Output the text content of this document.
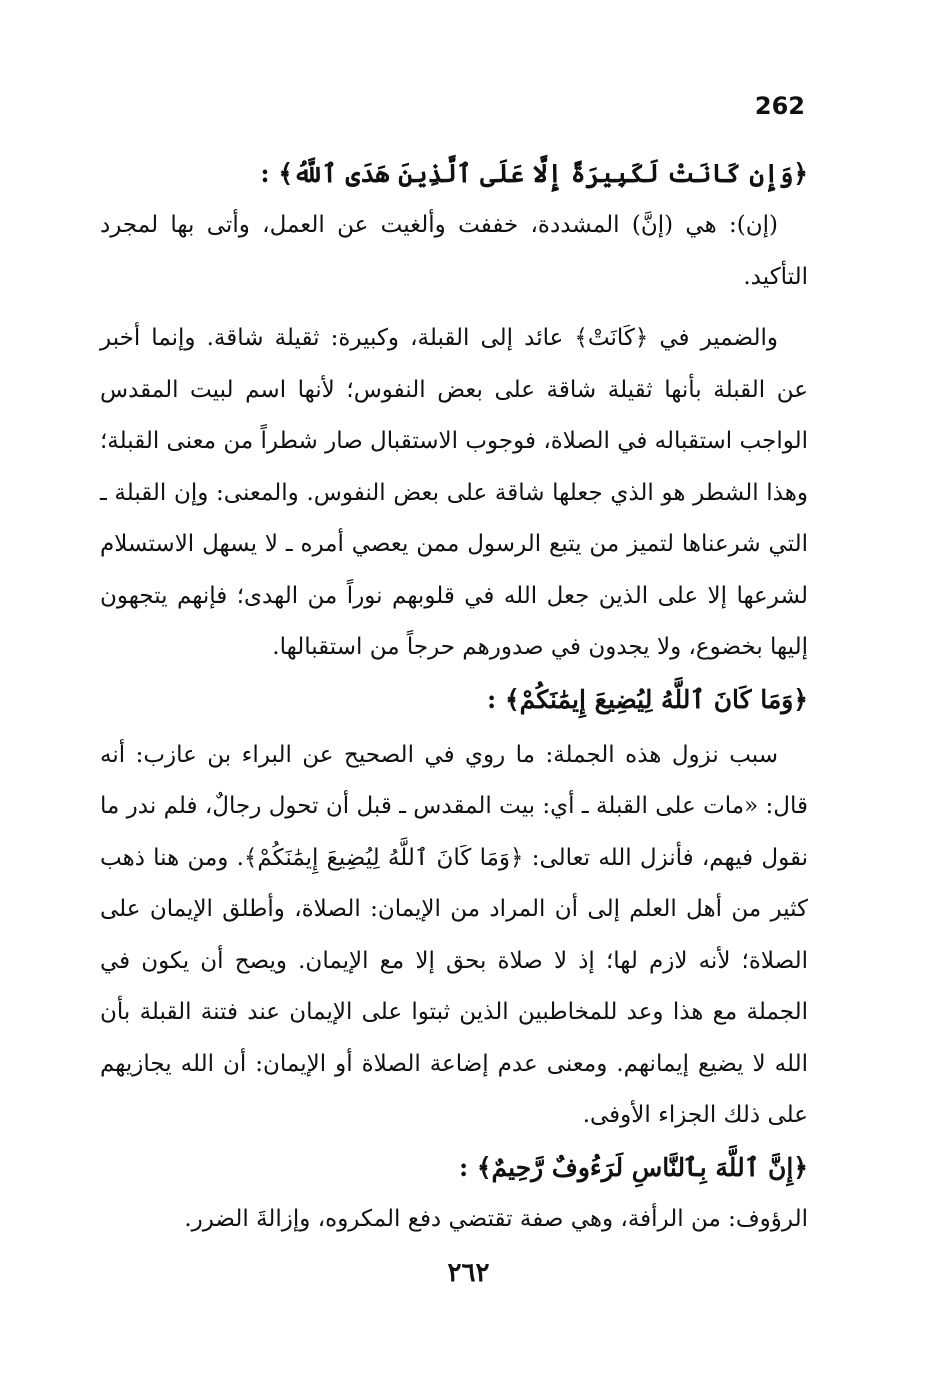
262
﴿وَإِن كَانَتْ لَكَبِيرَةً إِلَّا عَلَى ٱلَّذِينَ هَدَى ٱللَّهُ﴾ :

(إن): هي (إنَّ) المشددة، خففت وألغيت عن العمل، وأتى بها لمجرد التأكيد.

والضمير في ﴿كَانَتْ﴾ عائد إلى القبلة، وكبيرة: ثقيلة شاقة. وإنما أخبر عن القبلة بأنها ثقيلة شاقة على بعض النفوس؛ لأنها اسم لبيت المقدس الواجب استقباله في الصلاة، فوجوب الاستقبال صار شطراً من معنى القبلة؛ وهذا الشطر هو الذي جعلها شاقة على بعض النفوس. والمعنى: وإن القبلة ـ التي شرعناها لتميز من يتبع الرسول ممن يعصي أمره ـ لا يسهل الاستسلام لشرعها إلا على الذين جعل الله في قلوبهم نوراً من الهدى؛ فإنهم يتجهون إليها بخضوع، ولا يجدون في صدورهم حرجاً من استقبالها.

﴿وَمَا كَانَ ٱللَّهُ لِيُضِيعَ إِيمَٰنَكُمْ﴾ :

سبب نزول هذه الجملة: ما روي في الصحيح عن البراء بن عازب: أنه قال: «مات على القبلة ـ أي: بيت المقدس ـ قبل أن تحول رجالٌ، فلم ندر ما نقول فيهم، فأنزل الله تعالى: ﴿وَمَا كَانَ ٱللَّهُ لِيُضِيعَ إِيمَٰنَكُمْ﴾. ومن هنا ذهب كثير من أهل العلم إلى أن المراد من الإيمان: الصلاة، وأطلق الإيمان على الصلاة؛ لأنه لازم لها؛ إذ لا صلاة بحق إلا مع الإيمان. ويصح أن يكون في الجملة مع هذا وعد للمخاطبين الذين ثبتوا على الإيمان عند فتنة القبلة بأن الله لا يضيع إيمانهم. ومعنى عدم إضاعة الصلاة أو الإيمان: أن الله يجازيهم على ذلك الجزاء الأوفى.

﴿إِنَّ ٱللَّهَ بِٱلنَّاسِ لَرَءُوفٌ رَّحِيمٌ﴾ :

الرؤوف: من الرأفة، وهي صفة تقتضي دفع المكروه، وإزالةَ الضرر.

٢٦٢
